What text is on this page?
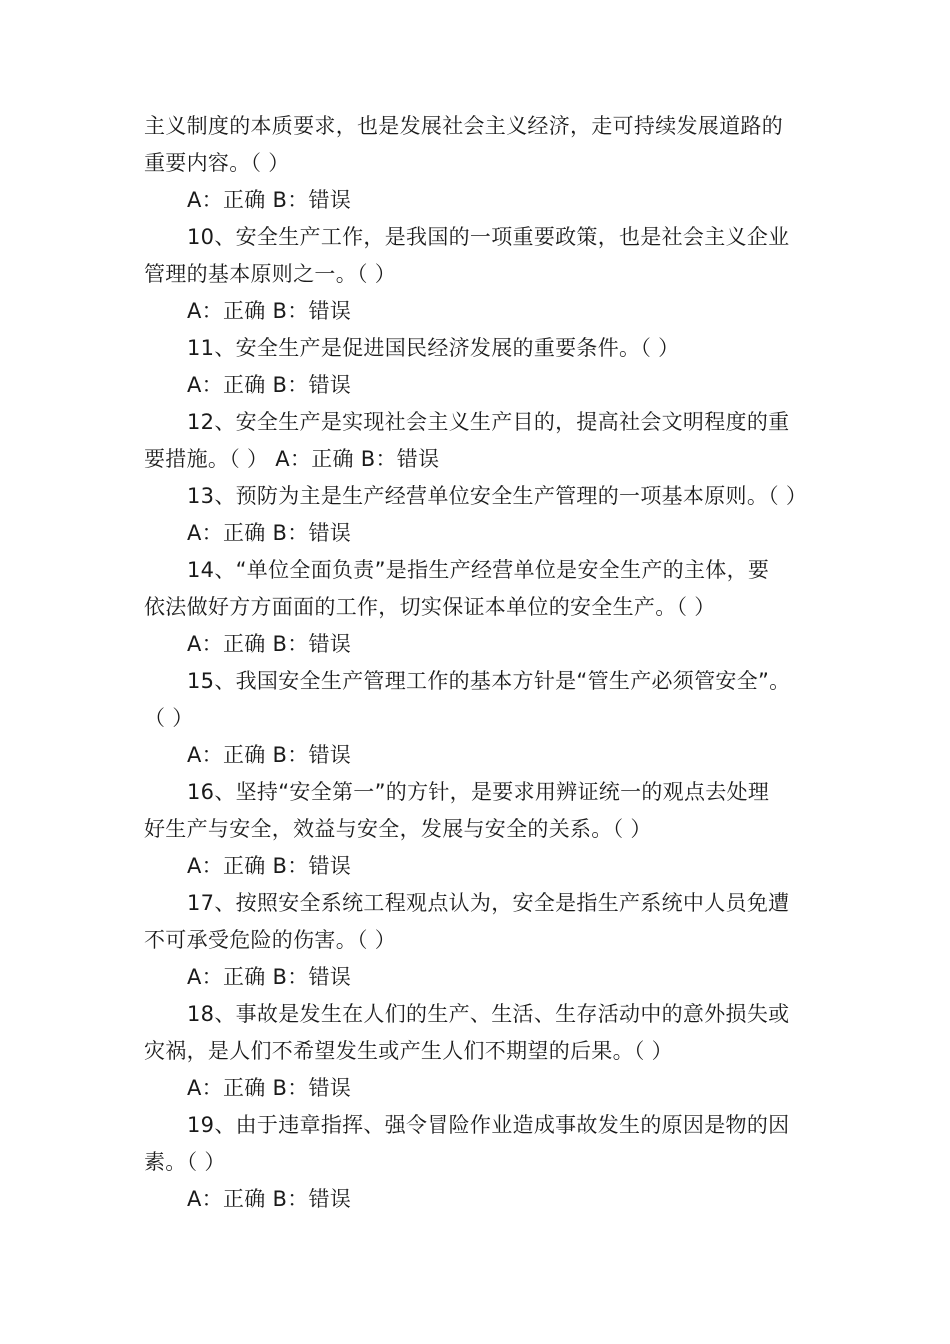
主义制度的本质要求，也是发展社会主义经济，走可持续发展道路的
重要内容。（ ）
A：正确 B：错误
10、安全生产工作，是我国的一项重要政策，也是社会主义企业
管理的基本原则之一。（ ）
A：正确 B：错误
11、安全生产是促进国民经济发展的重要条件。（ ）
A：正确 B：错误
12、安全生产是实现社会主义生产目的，提高社会文明程度的重
要措施。（ ） A：正确 B：错误
13、预防为主是生产经营单位安全生产管理的一项基本原则。（ ）
A：正确 B：错误
14、“单位全面负责”是指生产经营单位是安全生产的主体，要
依法做好方方面面的工作，切实保证本单位的安全生产。（ ）
A：正确 B：错误
15、我国安全生产管理工作的基本方针是“管生产必须管安全”。
（ ）
A：正确 B：错误
16、坚持“安全第一”的方针，是要求用辨证统一的观点去处理
好生产与安全，效益与安全，发展与安全的关系。（ ）
A：正确 B：错误
17、按照安全系统工程观点认为，安全是指生产系统中人员免遭
不可承受危险的伤害。（ ）
A：正确 B：错误
18、事故是发生在人们的生产、生活、生存活动中的意外损失或
灾祸，是人们不希望发生或产生人们不期望的后果。（ ）
A：正确 B：错误
19、由于违章指挥、强令冒险作业造成事故发生的原因是物的因
素。（ ）
A：正确 B：错误
